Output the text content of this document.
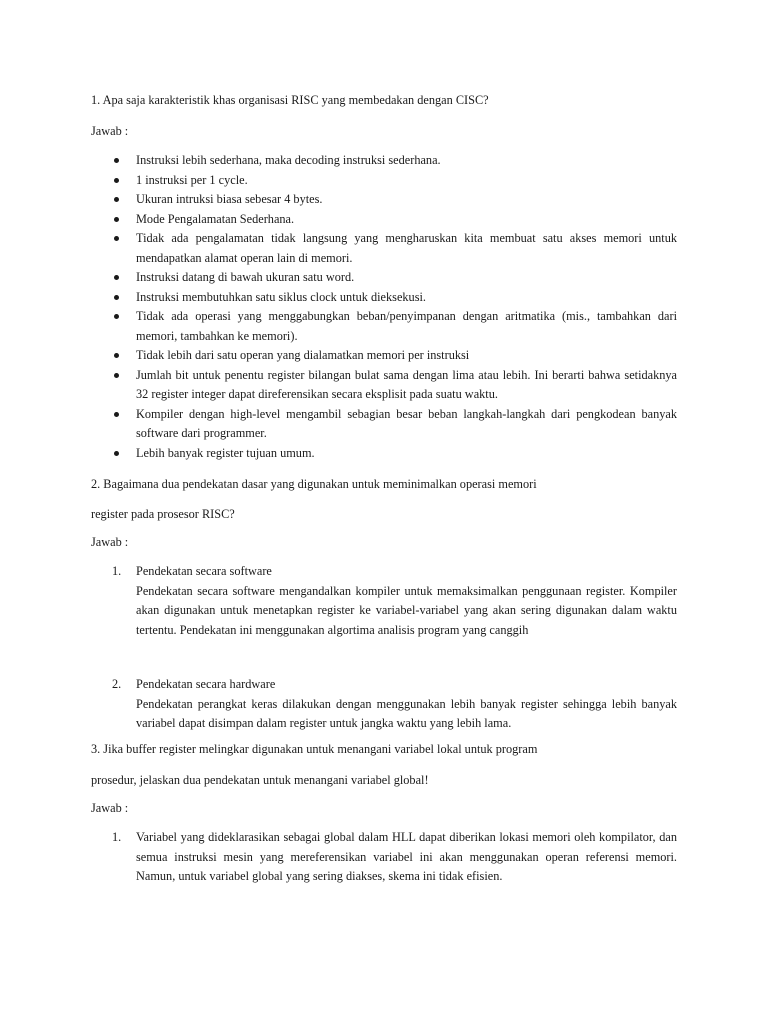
1. Apa saja karakteristik khas organisasi RISC yang membedakan dengan CISC?

Jawab :

Instruksi lebih sederhana, maka decoding instruksi sederhana.
1 instruksi per 1 cycle.
Ukuran intruksi biasa sebesar 4 bytes.
Mode Pengalamatan Sederhana.
Tidak ada pengalamatan tidak langsung yang mengharuskan kita membuat satu akses memori untuk mendapatkan alamat operan lain di memori.
Instruksi datang di bawah ukuran satu word.
Instruksi membutuhkan satu siklus clock untuk dieksekusi.
Tidak ada operasi yang menggabungkan beban/penyimpanan dengan aritmatika (mis., tambahkan dari memori, tambahkan ke memori).
Tidak lebih dari satu operan yang dialamatkan memori per instruksi
Jumlah bit untuk penentu register bilangan bulat sama dengan lima atau lebih. Ini berarti bahwa setidaknya 32 register integer dapat direferensikan secara eksplisit pada suatu waktu.
Kompiler dengan high-level mengambil sebagian besar beban langkah-langkah dari pengkodean banyak software dari programmer.
Lebih banyak register tujuan umum.

2. Bagaimana dua pendekatan dasar yang digunakan untuk meminimalkan operasi memori

register pada prosesor RISC?

Jawab :

1. Pendekatan secara software
Pendekatan secara software mengandalkan kompiler untuk memaksimalkan penggunaan register. Kompiler akan digunakan untuk menetapkan register ke variabel-variabel yang akan sering digunakan dalam waktu tertentu. Pendekatan ini menggunakan algortima analisis program yang canggih
2. Pendekatan secara hardware
Pendekatan perangkat keras dilakukan dengan menggunakan lebih banyak register sehingga lebih banyak variabel dapat disimpan dalam register untuk jangka waktu yang lebih lama.

3. Jika buffer register melingkar digunakan untuk menangani variabel lokal untuk program

prosedur, jelaskan dua pendekatan untuk menangani variabel global!

Jawab :

1. Variabel yang dideklarasikan sebagai global dalam HLL dapat diberikan lokasi memori oleh kompilator, dan semua instruksi mesin yang mereferensikan variabel ini akan menggunakan operan referensi memori. Namun, untuk variabel global yang sering diakses, skema ini tidak efisien.
